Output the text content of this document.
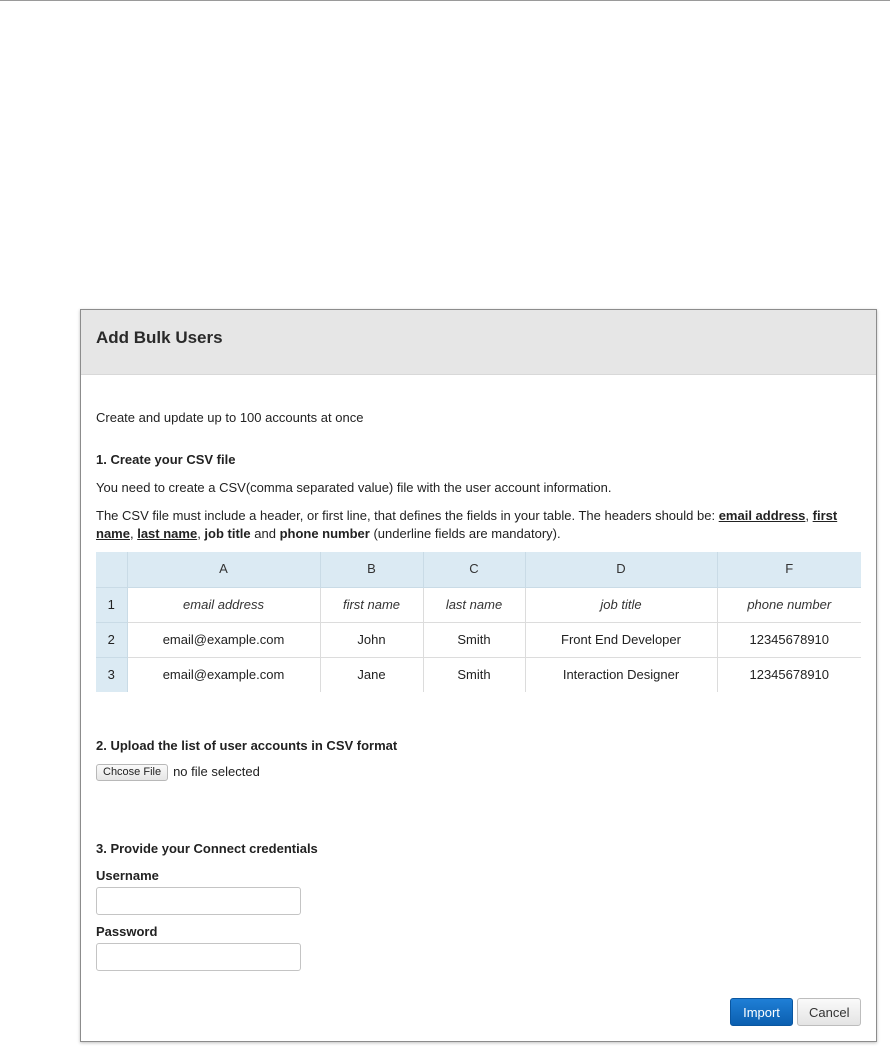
Add Bulk Users
Create and update up to 100 accounts at once
1. Create your CSV file
You need to create a CSV(comma separated value) file with the user account information.
The CSV file must include a header, or first line, that defines the fields in your table. The headers should be: email address, first name, last name, job title and phone number (underline fields are mandatory).
	A	B	C	D	F
1	email address	first name	last name	job title	phone number
2	email@example.com	John	Smith	Front End Developer	12345678910
3	email@example.com	Jane	Smith	Interaction Designer	12345678910
2. Upload the list of user accounts in CSV format
Chcose File no file selected
3. Provide your Connect credentials
Username
Password
Import	Cancel
